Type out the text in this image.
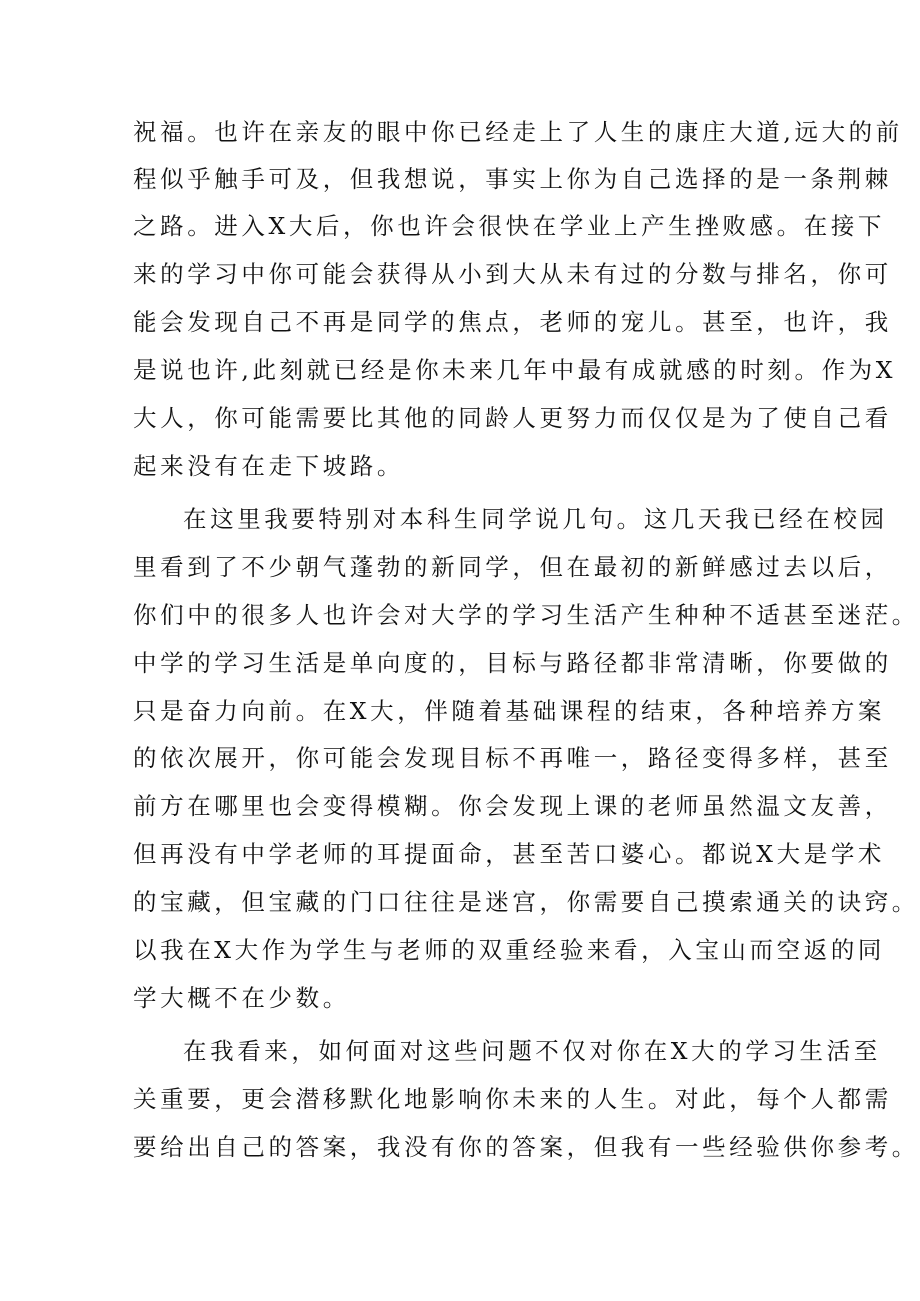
祝福。也许在亲友的眼中你已经走上了人生的康庄大道,远大的前
程似乎触手可及，但我想说，事实上你为自己选择的是一条荆棘
之路。进入X大后，你也许会很快在学业上产生挫败感。在接下
来的学习中你可能会获得从小到大从未有过的分数与排名，你可
能会发现自己不再是同学的焦点，老师的宠儿。甚至，也许，我
是说也许,此刻就已经是你未来几年中最有成就感的时刻。作为X
大人，你可能需要比其他的同龄人更努力而仅仅是为了使自己看
起来没有在走下坡路。
在这里我要特别对本科生同学说几句。这几天我已经在校园
里看到了不少朝气蓬勃的新同学，但在最初的新鲜感过去以后，
你们中的很多人也许会对大学的学习生活产生种种不适甚至迷茫。
中学的学习生活是单向度的，目标与路径都非常清晰，你要做的
只是奋力向前。在X大，伴随着基础课程的结束，各种培养方案
的依次展开，你可能会发现目标不再唯一，路径变得多样，甚至
前方在哪里也会变得模糊。你会发现上课的老师虽然温文友善，
但再没有中学老师的耳提面命，甚至苦口婆心。都说X大是学术
的宝藏，但宝藏的门口往往是迷宫，你需要自己摸索通关的诀窍。
以我在X大作为学生与老师的双重经验来看，入宝山而空返的同
学大概不在少数。
在我看来，如何面对这些问题不仅对你在X大的学习生活至
关重要，更会潜移默化地影响你未来的人生。对此，每个人都需
要给出自己的答案，我没有你的答案，但我有一些经验供你参考。
